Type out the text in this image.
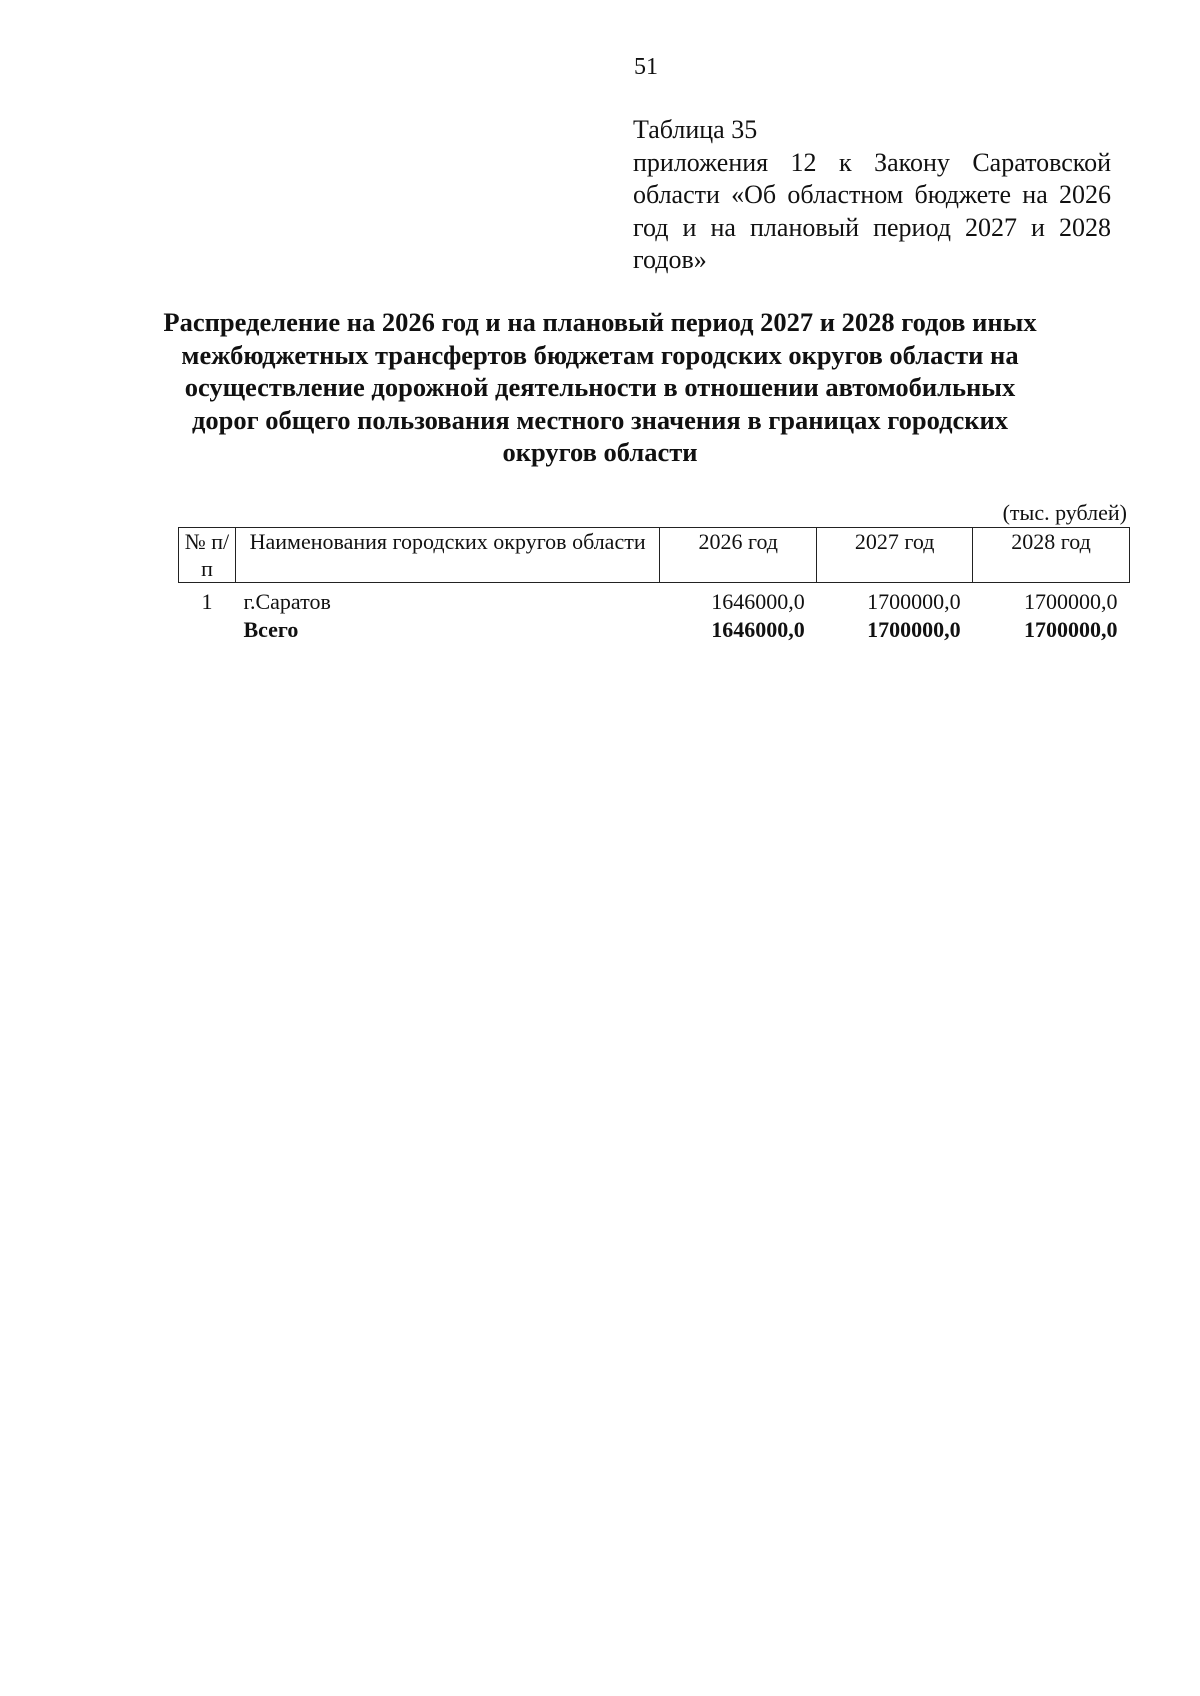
51
Таблица 35
приложения 12 к Закону Саратовской области «Об областном бюджете на 2026 год и на плановый период 2027 и 2028 годов»
Распределение на 2026 год и на плановый период 2027 и 2028 годов иных межбюджетных трансфертов бюджетам городских округов области на осуществление дорожной деятельности в отношении автомобильных дорог общего пользования местного значения в границах городских округов области
(тыс. рублей)
№ п/п	Наименования городских округов области	2026 год	2027 год	2028 год
1	г.Саратов	1646000,0	1700000,0	1700000,0
	Всего	1646000,0	1700000,0	1700000,0
